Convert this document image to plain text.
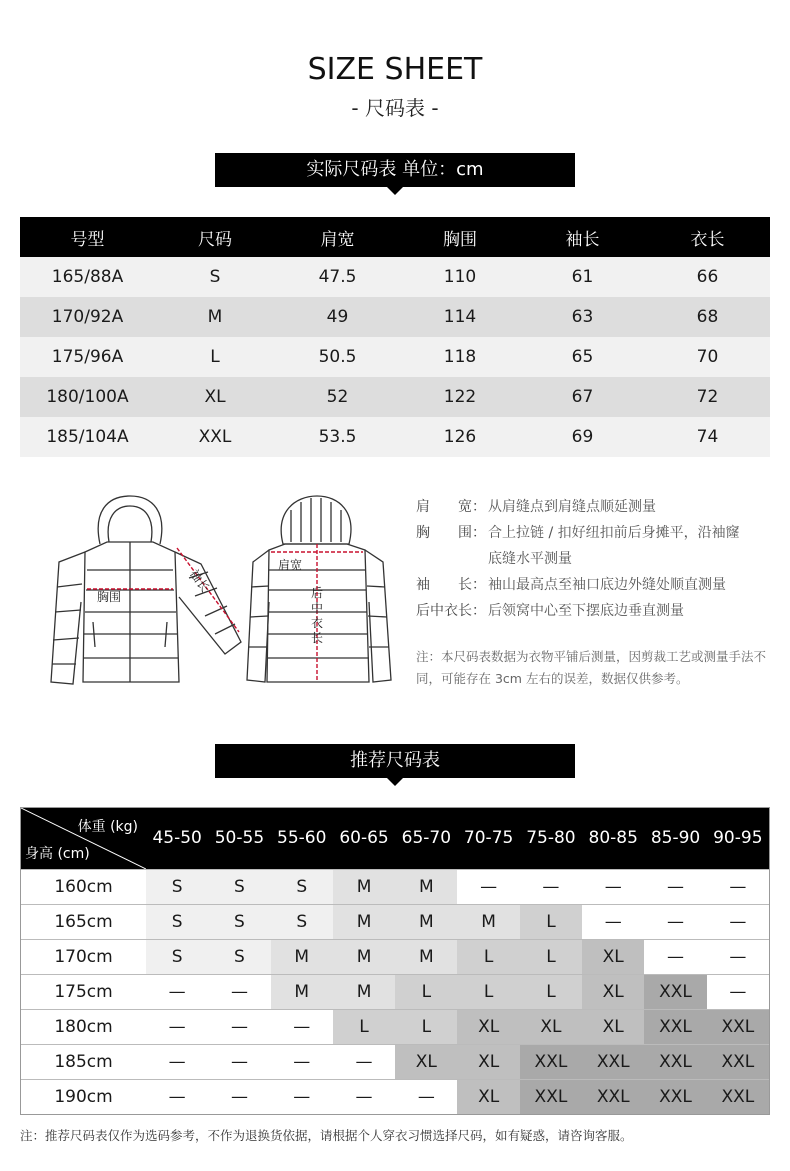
SIZE SHEET
- 尺码表 -
实际尺码表 单位：cm
号型	尺码	肩宽	胸围	袖长	衣长
165/88A	S	47.5	110	61	66
170/92A	M	49	114	63	68
175/96A	L	50.5	118	65	70
180/100A	XL	52	122	67	72
185/104A	XXL	53.5	126	69	74
胸围
袖长
肩宽
后中衣长
肩　　宽： 从肩缝点到肩缝点顺延测量
胸　　围： 合上拉链 / 扣好纽扣前后身摊平，沿袖窿
底缝水平测量
袖　　长： 袖山最高点至袖口底边外缝处顺直测量
后中衣长： 后领窝中心至下摆底边垂直测量
注：本尺码表数据为衣物平铺后测量，因剪裁工艺或测量手法不同，可能存在 3cm 左右的误差，数据仅供参考。
推荐尺码表
体重 (kg)
身高 (cm)
45-50 50-55 55-60 60-65 65-70 70-75 75-80 80-85 85-90 90-95
160cm	S	S	S	M	M	—	—	—	—	—
165cm	S	S	S	M	M	M	L	—	—	—
170cm	S	S	M	M	M	L	L	XL	—	—
175cm	—	—	M	M	L	L	L	XL	XXL	—
180cm	—	—	—	L	L	XL	XL	XL	XXL	XXL
185cm	—	—	—	—	XL	XL	XXL	XXL	XXL	XXL
190cm	—	—	—	—	—	XL	XXL	XXL	XXL	XXL
注：推荐尺码表仅作为选码参考，不作为退换货依据，请根据个人穿衣习惯选择尺码，如有疑惑，请咨询客服。
